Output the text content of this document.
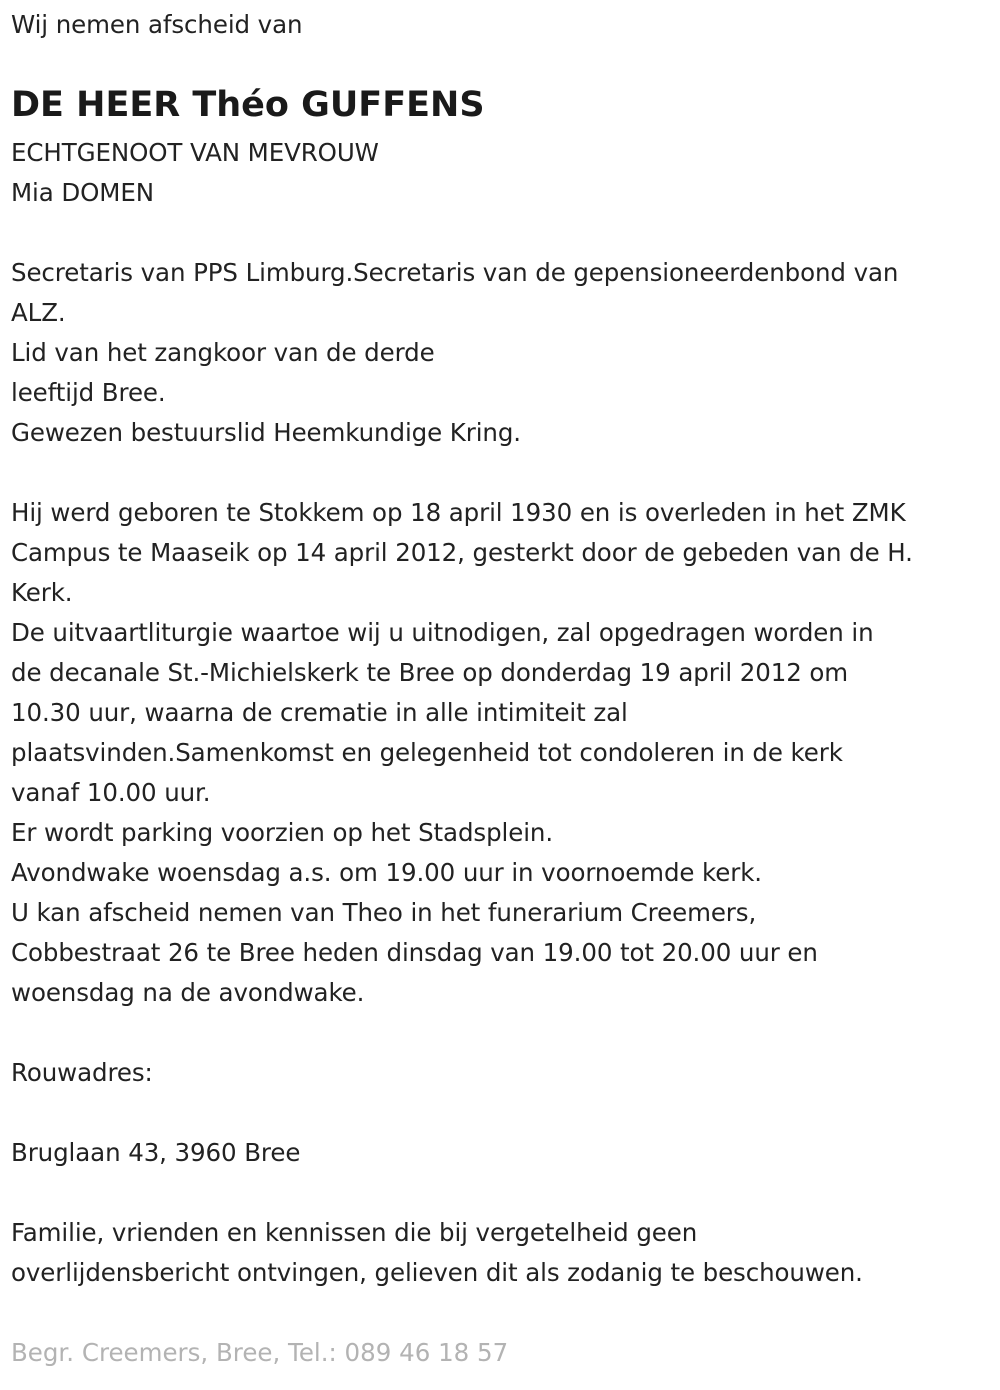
Wij nemen afscheid van
DE HEER Théo GUFFENS
ECHTGENOOT VAN MEVROUW
Mia DOMEN
Secretaris van PPS Limburg.Secretaris van de gepensioneerdenbond van
ALZ.
Lid van het zangkoor van de derde
leeftijd Bree.
Gewezen bestuurslid Heemkundige Kring.
Hij werd geboren te Stokkem op 18 april 1930 en is overleden in het ZMK
Campus te Maaseik op 14 april 2012, gesterkt door de gebeden van de H.
Kerk.
De uitvaartliturgie waartoe wij u uitnodigen, zal opgedragen worden in
de decanale St.-Michielskerk te Bree op donderdag 19 april 2012 om
10.30 uur, waarna de crematie in alle intimiteit zal
plaatsvinden.Samenkomst en gelegenheid tot condoleren in de kerk
vanaf 10.00 uur.
Er wordt parking voorzien op het Stadsplein.
Avondwake woensdag a.s. om 19.00 uur in voornoemde kerk.
U kan afscheid nemen van Theo in het funerarium Creemers,
Cobbestraat 26 te Bree heden dinsdag van 19.00 tot 20.00 uur en
woensdag na de avondwake.
Rouwadres:
Bruglaan 43, 3960 Bree
Familie, vrienden en kennissen die bij vergetelheid geen
overlijdensbericht ontvingen, gelieven dit als zodanig te beschouwen.
Begr. Creemers, Bree, Tel.: 089 46 18 57
